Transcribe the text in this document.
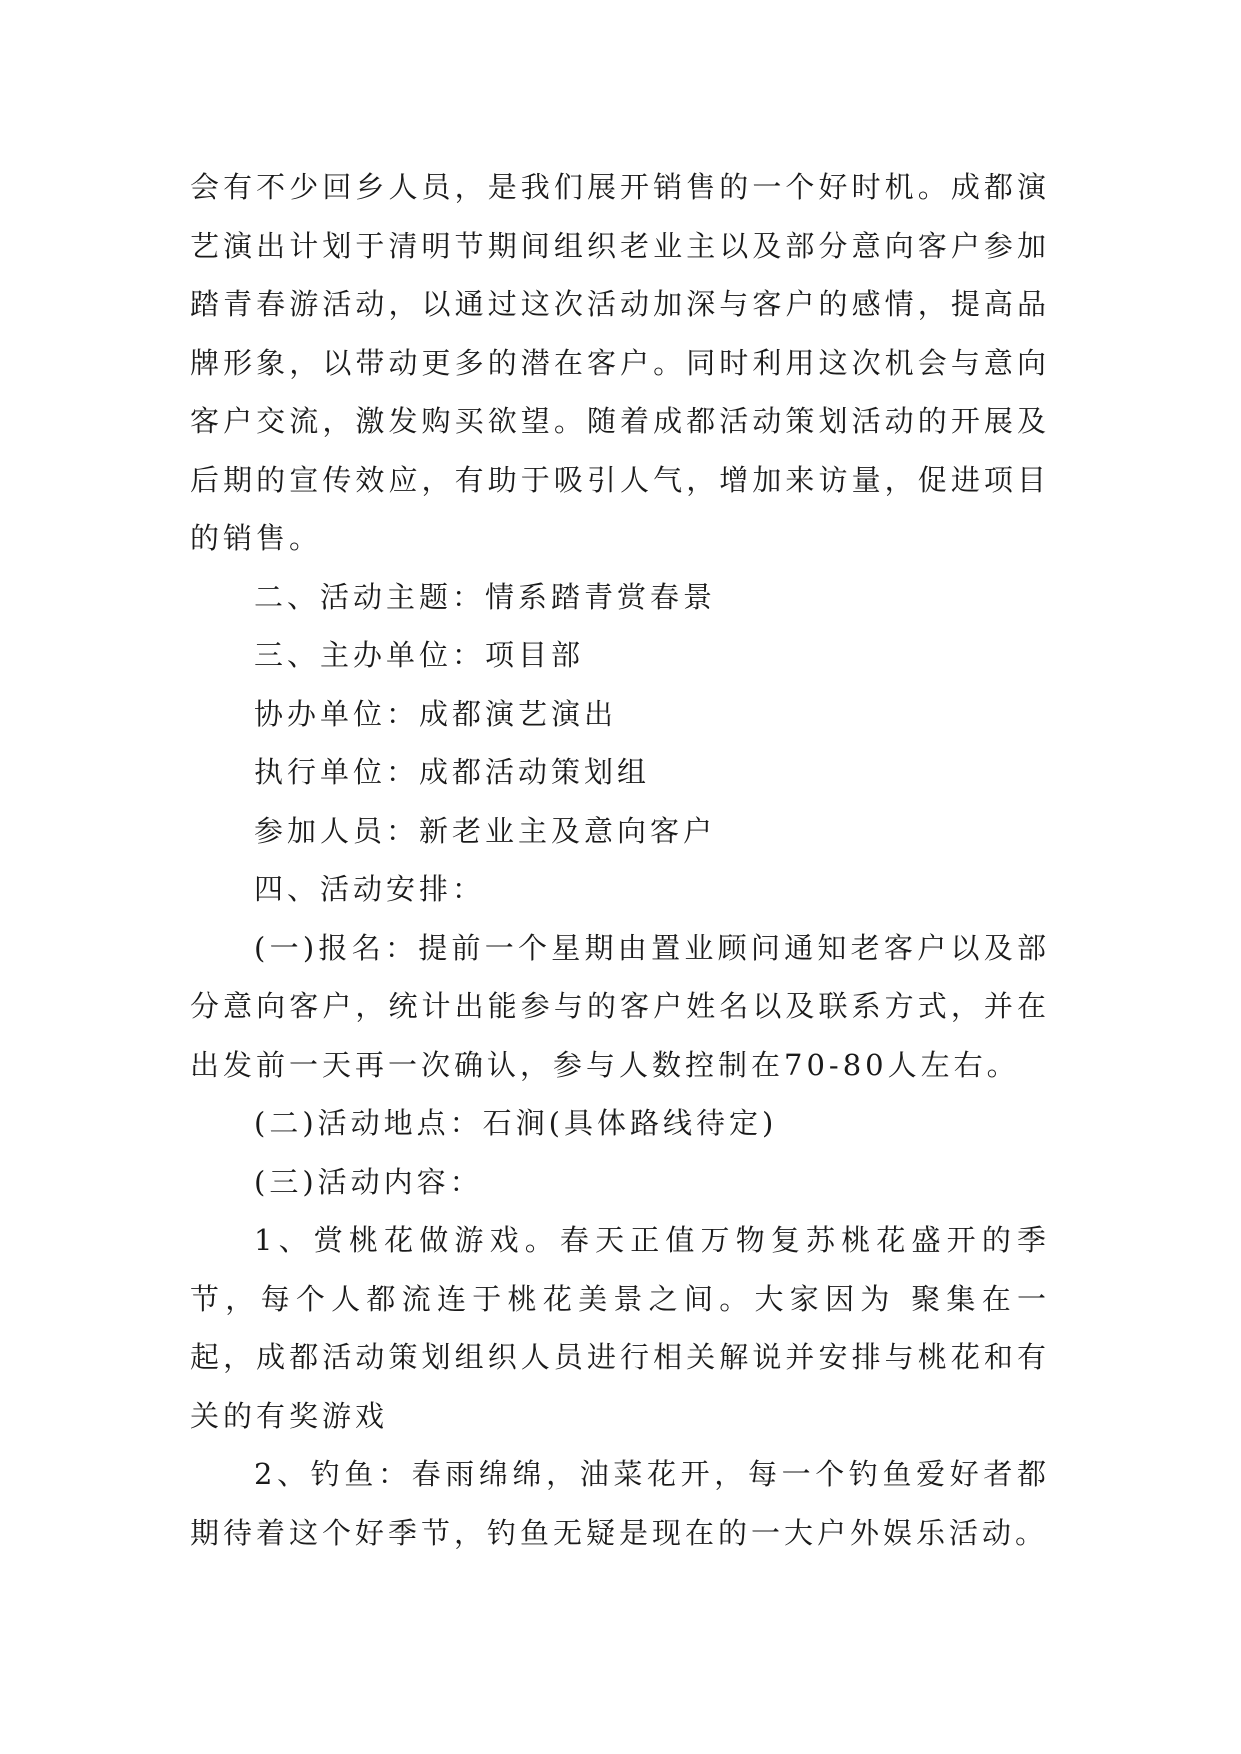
会有不少回乡人员，是我们展开销售的一个好时机。成都演艺演出计划于清明节期间组织老业主以及部分意向客户参加踏青春游活动，以通过这次活动加深与客户的感情，提高品牌形象，以带动更多的潜在客户。同时利用这次机会与意向客户交流，激发购买欲望。随着成都活动策划活动的开展及后期的宣传效应，有助于吸引人气，增加来访量，促进项目的销售。

二、活动主题：情系踏青赏春景

三、主办单位：项目部

协办单位：成都演艺演出

执行单位：成都活动策划组

参加人员：新老业主及意向客户

四、活动安排：

(一)报名：提前一个星期由置业顾问通知老客户以及部分意向客户，统计出能参与的客户姓名以及联系方式，并在出发前一天再一次确认，参与人数控制在70-80人左右。

(二)活动地点：石涧(具体路线待定)

(三)活动内容：

1、赏桃花做游戏。春天正值万物复苏桃花盛开的季节，每个人都流连于桃花美景之间。大家因为 聚集在一起，成都活动策划组织人员进行相关解说并安排与桃花和有关的有奖游戏

2、钓鱼：春雨绵绵，油菜花开，每一个钓鱼爱好者都期待着这个好季节，钓鱼无疑是现在的一大户外娱乐活动。
